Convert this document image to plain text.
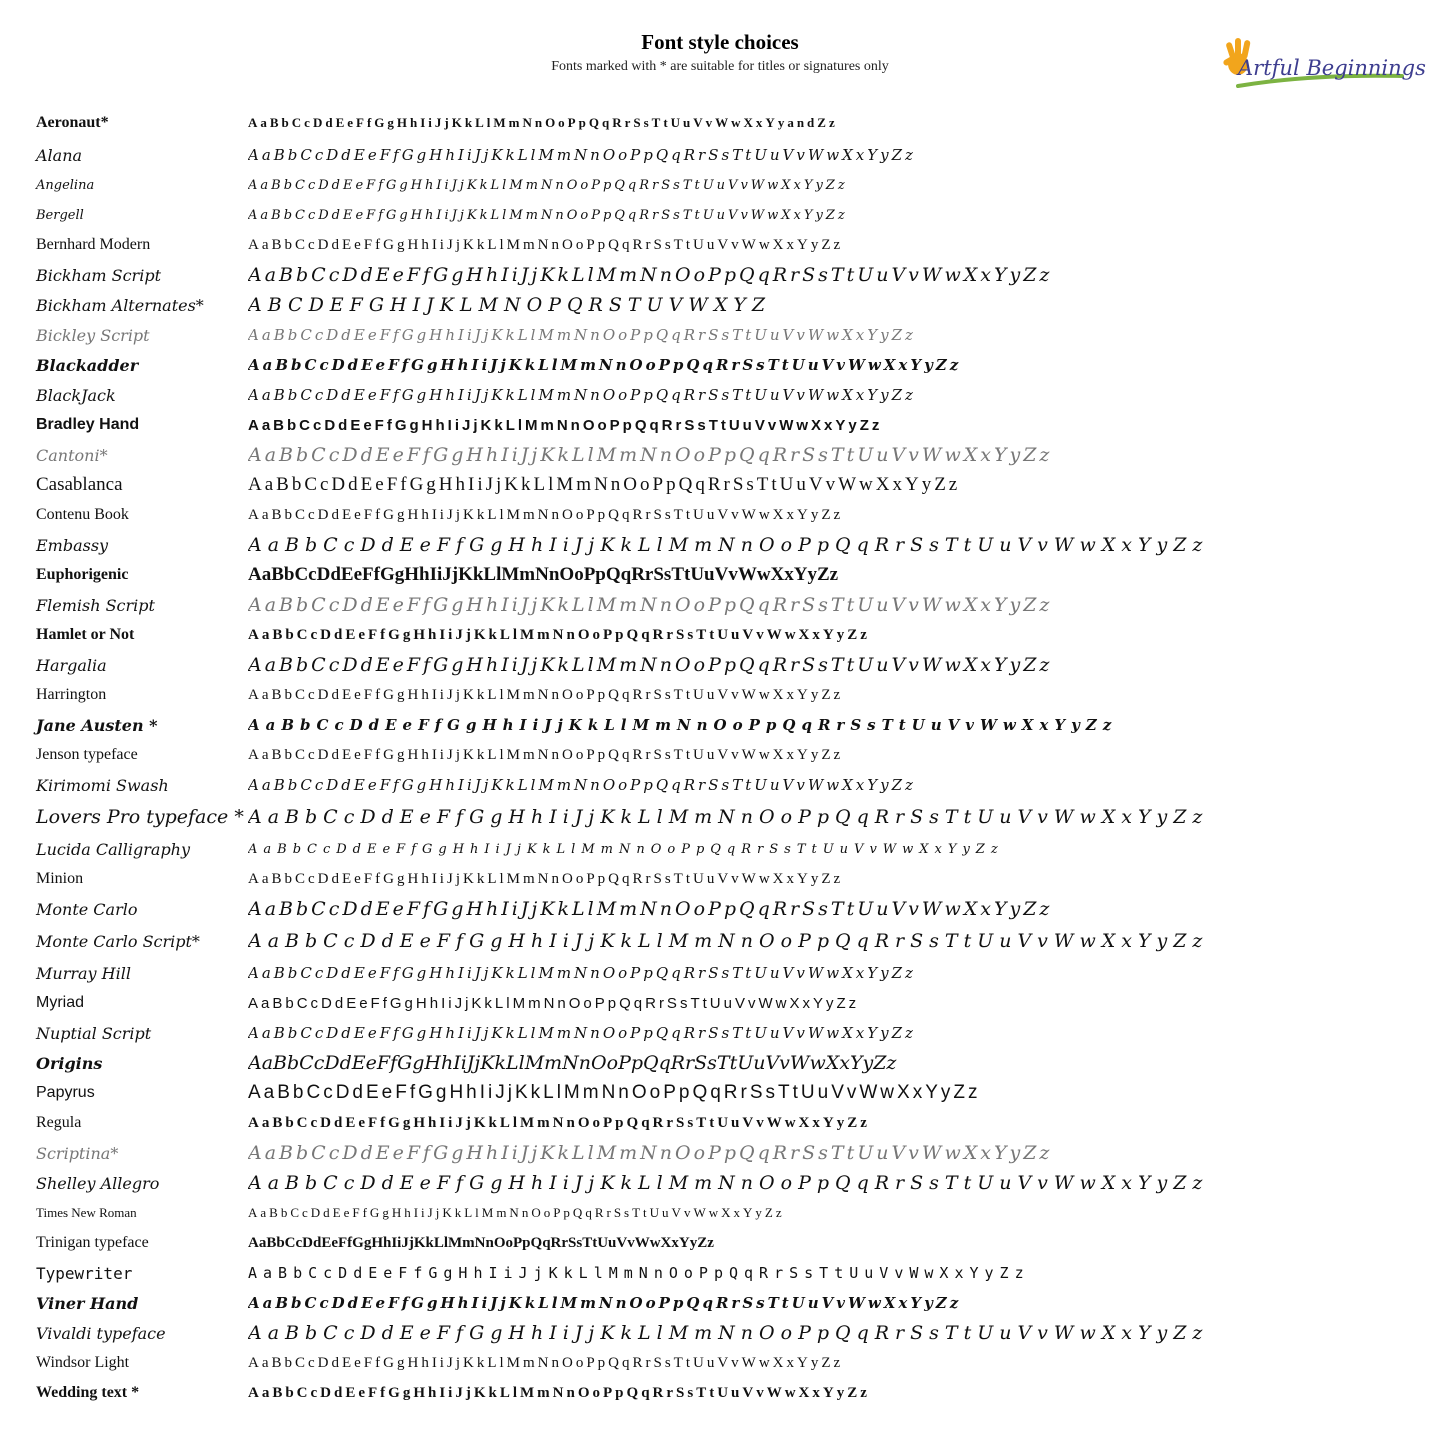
Font style choices
Fonts marked with * are suitable for titles or signatures only	Artful Beginnings
Aeronaut*	AaBbCcDdEeFfGgHhIiJjKkLlMmNnOoPpQqRrSsTtUuVvWwXxYyandZz
Alana	AaBbCcDdEeFfGgHhIiJjKkLlMmNnOoPpQqRrSsTtUuVvWwXxYyZz
Angelina	AaBbCcDdEeFfGgHhIiJjKkLlMmNnOoPpQqRrSsTtUuVvWwXxYyZz
Bergell	AaBbCcDdEeFfGgHhIiJjKkLlMmNnOoPpQqRrSsTtUuVvWwXxYyZz
Bernhard Modern	AaBbCcDdEeFfGgHhIiJjKkLlMmNnOoPpQqRrSsTtUuVvWwXxYyZz
Bickham Script	AaBbCcDdEeFfGgHhIiJjKkLlMmNnOoPpQqRrSsTtUuVvWwXxYyZz
Bickham Alternates*	ABCDEFGHIJKLMNOPQRSTUVWXYZ
Bickley Script	AaBbCcDdEeFfGgHhIiJjKkLlMmNnOoPpQqRrSsTtUuVvWwXxYyZz
Blackadder	AaBbCcDdEeFfGgHhIiJjKkLlMmNnOoPpQqRrSsTtUuVvWwXxYyZz
BlackJack	AaBbCcDdEeFfGgHhIiJjKkLlMmNnOoPpQqRrSsTtUuVvWwXxYyZz
Bradley Hand	AaBbCcDdEeFfGgHhIiJjKkLlMmNnOoPpQqRrSsTtUuVvWwXxYyZz
Cantoni*	AaBbCcDdEeFfGgHhIiJjKkLlMmNnOoPpQqRrSsTtUuVvWwXxYyZz
Casablanca	AaBbCcDdEeFfGgHhIiJjKkLlMmNnOoPpQqRrSsTtUuVvWwXxYyZz
Contenu Book	AaBbCcDdEeFfGgHhIiJjKkLlMmNnOoPpQqRrSsTtUuVvWwXxYyZz
Embassy	AaBbCcDdEeFfGgHhIiJjKkLlMmNnOoPpQqRrSsTtUuVvWwXxYyZz
Euphorigenic	AaBbCcDdEeFfGgHhIiJjKkLlMmNnOoPpQqRrSsTtUuVvWwXxYyZz
Flemish Script	AaBbCcDdEeFfGgHhIiJjKkLlMmNnOoPpQqRrSsTtUuVvWwXxYyZz
Hamlet or Not	AaBbCcDdEeFfGgHhIiJjKkLlMmNnOoPpQqRrSsTtUuVvWwXxYyZz
Hargalia	AaBbCcDdEeFfGgHhIiJjKkLlMmNnOoPpQqRrSsTtUuVvWwXxYyZz
Harrington	AaBbCcDdEeFfGgHhIiJjKkLlMmNnOoPpQqRrSsTtUuVvWwXxYyZz
Jane Austen *	AaBbCcDdEeFfGgHhIiJjKkLlMmNnOoPpQqRrSsTtUuVvWwXxYyZz
Jenson typeface	AaBbCcDdEeFfGgHhIiJjKkLlMmNnOoPpQqRrSsTtUuVvWwXxYyZz
Kirimomi Swash	AaBbCcDdEeFfGgHhIiJjKkLlMmNnOoPpQqRrSsTtUuVvWwXxYyZz
Lovers Pro typeface * AaBbCcDdEeFfGgHhIiJjKkLlMmNnOoPpQqRrSsTtUuVvWwXxYyZz
Lucida Calligraphy	AaBbCcDdEeFfGgHhIiJjKkLlMmNnOoPpQqRrSsTtUuVvWwXxYyZz
Minion	AaBbCcDdEeFfGgHhIiJjKkLlMmNnOoPpQqRrSsTtUuVvWwXxYyZz
Monte Carlo	AaBbCcDdEeFfGgHhIiJjKkLlMmNnOoPpQqRrSsTtUuVvWwXxYyZz
Monte Carlo Script*	AaBbCcDdEeFfGgHhIiJjKkLlMmNnOoPpQqRrSsTtUuVvWwXxYyZz
Murray Hill	AaBbCcDdEeFfGgHhIiJjKkLlMmNnOoPpQqRrSsTtUuVvWwXxYyZz
Myriad	AaBbCcDdEeFfGgHhIiJjKkLlMmNnOoPpQqRrSsTtUuVvWwXxYyZz
Nuptial Script	AaBbCcDdEeFfGgHhIiJjKkLlMmNnOoPpQqRrSsTtUuVvWwXxYyZz
Origins	AaBbCcDdEeFfGgHhIiJjKkLlMmNnOoPpQqRrSsTtUuVvWwXxYyZz
Papyrus	AaBbCcDdEeFfGgHhIiJjKkLlMmNnOoPpQqRrSsTtUuVvWwXxYyZz
Regula	AaBbCcDdEeFfGgHhIiJjKkLlMmNnOoPpQqRrSsTtUuVvWwXxYyZz
Scriptina*	AaBbCcDdEeFfGgHhIiJjKkLlMmNnOoPpQqRrSsTtUuVvWwXxYyZz
Shelley Allegro	AaBbCcDdEeFfGgHhIiJjKkLlMmNnOoPpQqRrSsTtUuVvWwXxYyZz
Times New Roman	AaBbCcDdEeFfGgHhIiJjKkLlMmNnOoPpQqRrSsTtUuVvWwXxYyZz
Trinigan typeface	AaBbCcDdEeFfGgHhIiJjKkLlMmNnOoPpQqRrSsTtUuVvWwXxYyZz
Typewriter	AaBbCcDdEeFfGgHhIiJjKkLlMmNnOoPpQqRrSsTtUuVvWwXxYyZz
Viner Hand	AaBbCcDdEeFfGgHhIiJjKkLlMmNnOoPpQqRrSsTtUuVvWwXxYyZz
Vivaldi typeface	AaBbCcDdEeFfGgHhIiJjKkLlMmNnOoPpQqRrSsTtUuVvWwXxYyZz
Windsor Light	AaBbCcDdEeFfGgHhIiJjKkLlMmNnOoPpQqRrSsTtUuVvWwXxYyZz
Wedding text *	AaBbCcDdEeFfGgHhIiJjKkLlMmNnOoPpQqRrSsTtUuVvWwXxYyZz
